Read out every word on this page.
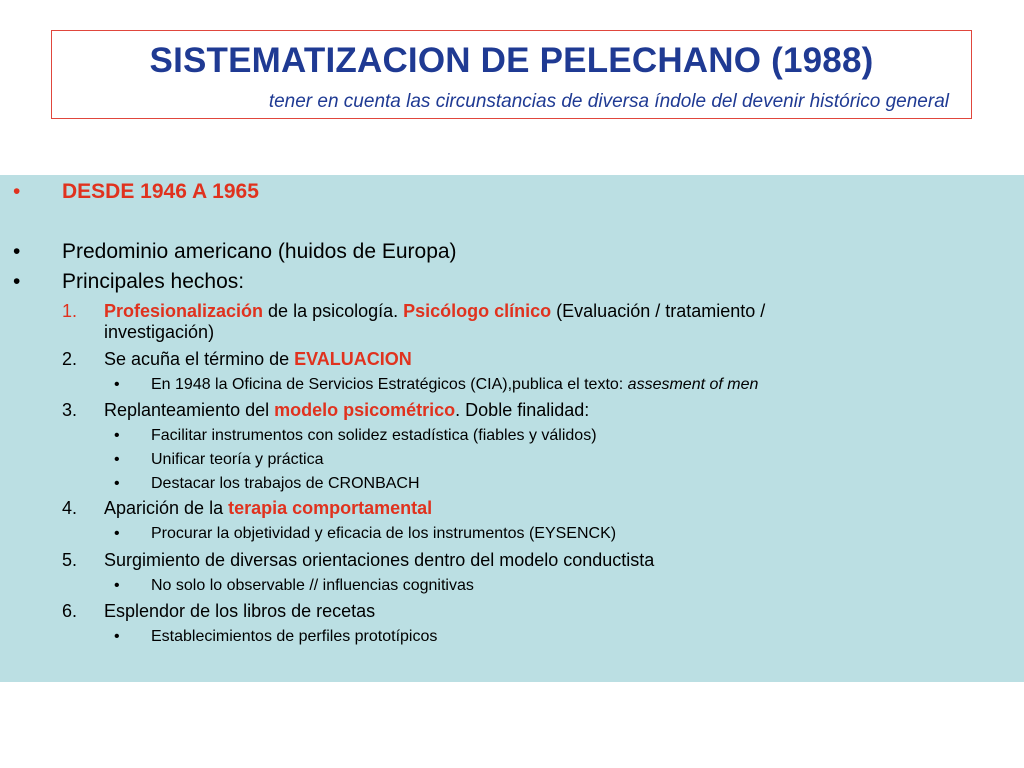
SISTEMATIZACION DE PELECHANO (1988)
tener en cuenta las circunstancias de diversa índole del devenir histórico general
• DESDE 1946 A 1965
• Predominio americano (huidos de Europa)
• Principales hechos:
1. Profesionalización de la psicología. Psicólogo clínico (Evaluación / tratamiento /
investigación)
2. Se acuña el término de EVALUACION
• En 1948 la Oficina de Servicios Estratégicos (CIA),publica el texto: assesment of men
3. Replanteamiento del modelo psicométrico. Doble finalidad:
• Facilitar instrumentos con solidez estadística (fiables y válidos)
• Unificar teoría y práctica
• Destacar los trabajos de CRONBACH
4. Aparición de la terapia comportamental
• Procurar la objetividad y eficacia de los instrumentos (EYSENCK)
5. Surgimiento de diversas orientaciones dentro del modelo conductista
• No solo lo observable // influencias cognitivas
6. Esplendor de los libros de recetas
• Establecimientos de perfiles prototípicos
